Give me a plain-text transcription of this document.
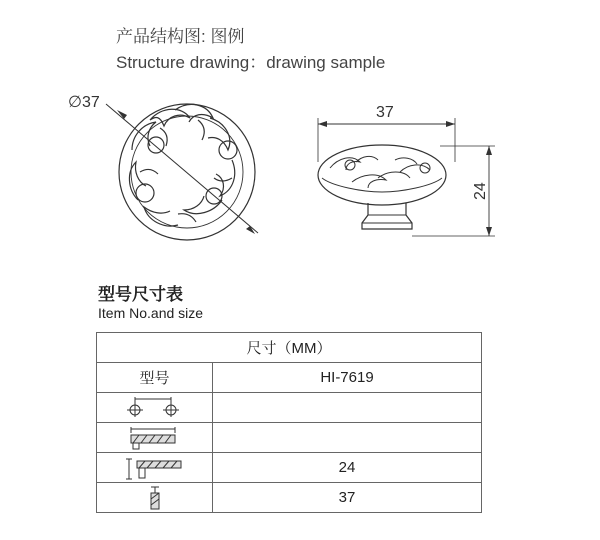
产品结构图: 图例
Structure drawing：drawing sample
∅37
37
24
型号尺寸表
Item No.and size
尺寸（MM）	
型号	HI-7619

	24

	37
